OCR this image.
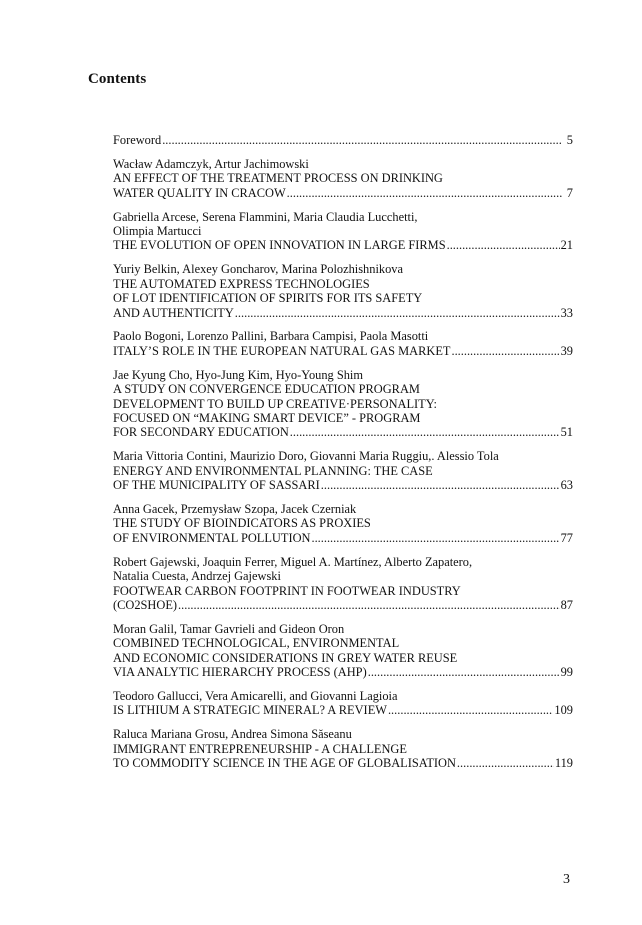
Contents
Foreword .....	5
Wacław Adamczyk, Artur Jachimowski
AN EFFECT OF THE TREATMENT PROCESS ON DRINKING
WATER QUALITY IN CRACOW .....	7
Gabriella Arcese, Serena Flammini, Maria Claudia Lucchetti,
Olimpia Martucci
THE EVOLUTION OF OPEN INNOVATION IN LARGE FIRMS .....	21
Yuriy Belkin, Alexey Goncharov, Marina Polozhishnikova
THE AUTOMATED EXPRESS TECHNOLOGIES
OF LOT IDENTIFICATION OF SPIRITS FOR ITS SAFETY
AND AUTHENTICITY .....	33
Paolo Bogoni, Lorenzo Pallini, Barbara Campisi, Paola Masotti
ITALY’S ROLE IN THE EUROPEAN NATURAL GAS MARKET .....	39
Jae Kyung Cho, Hyo-Jung Kim, Hyo-Young Shim
A STUDY ON CONVERGENCE EDUCATION PROGRAM
DEVELOPMENT TO BUILD UP CREATIVE·PERSONALITY:
FOCUSED ON “MAKING SMART DEVICE” - PROGRAM
FOR SECONDARY EDUCATION .....	51
Maria Vittoria Contini, Maurizio Doro, Giovanni Maria Ruggiu,. Alessio Tola
ENERGY AND ENVIRONMENTAL PLANNING: THE CASE
OF THE MUNICIPALITY OF SASSARI .....	63
Anna Gacek, Przemysław Szopa, Jacek Czerniak
THE STUDY OF BIOINDICATORS AS PROXIES
OF ENVIRONMENTAL POLLUTION .....	77
Robert Gajewski, Joaquin Ferrer, Miguel A. Martínez, Alberto Zapatero,
Natalia Cuesta, Andrzej Gajewski
FOOTWEAR CARBON FOOTPRINT IN FOOTWEAR INDUSTRY
(CO2SHOE) .....	87
Moran Galil, Tamar Gavrieli and Gideon Oron
COMBINED TECHNOLOGICAL, ENVIRONMENTAL
AND ECONOMIC CONSIDERATIONS IN GREY WATER REUSE
VIA ANALYTIC HIERARCHY PROCESS (AHP) .....	99
Teodoro Gallucci, Vera Amicarelli, and Giovanni Lagioia
IS LITHIUM A STRATEGIC MINERAL? A REVIEW .....	109
Raluca Mariana Grosu, Andrea Simona Săseanu
IMMIGRANT ENTREPRENEURSHIP - A CHALLENGE
TO COMMODITY SCIENCE IN THE AGE OF GLOBALISATION .....	119
3
